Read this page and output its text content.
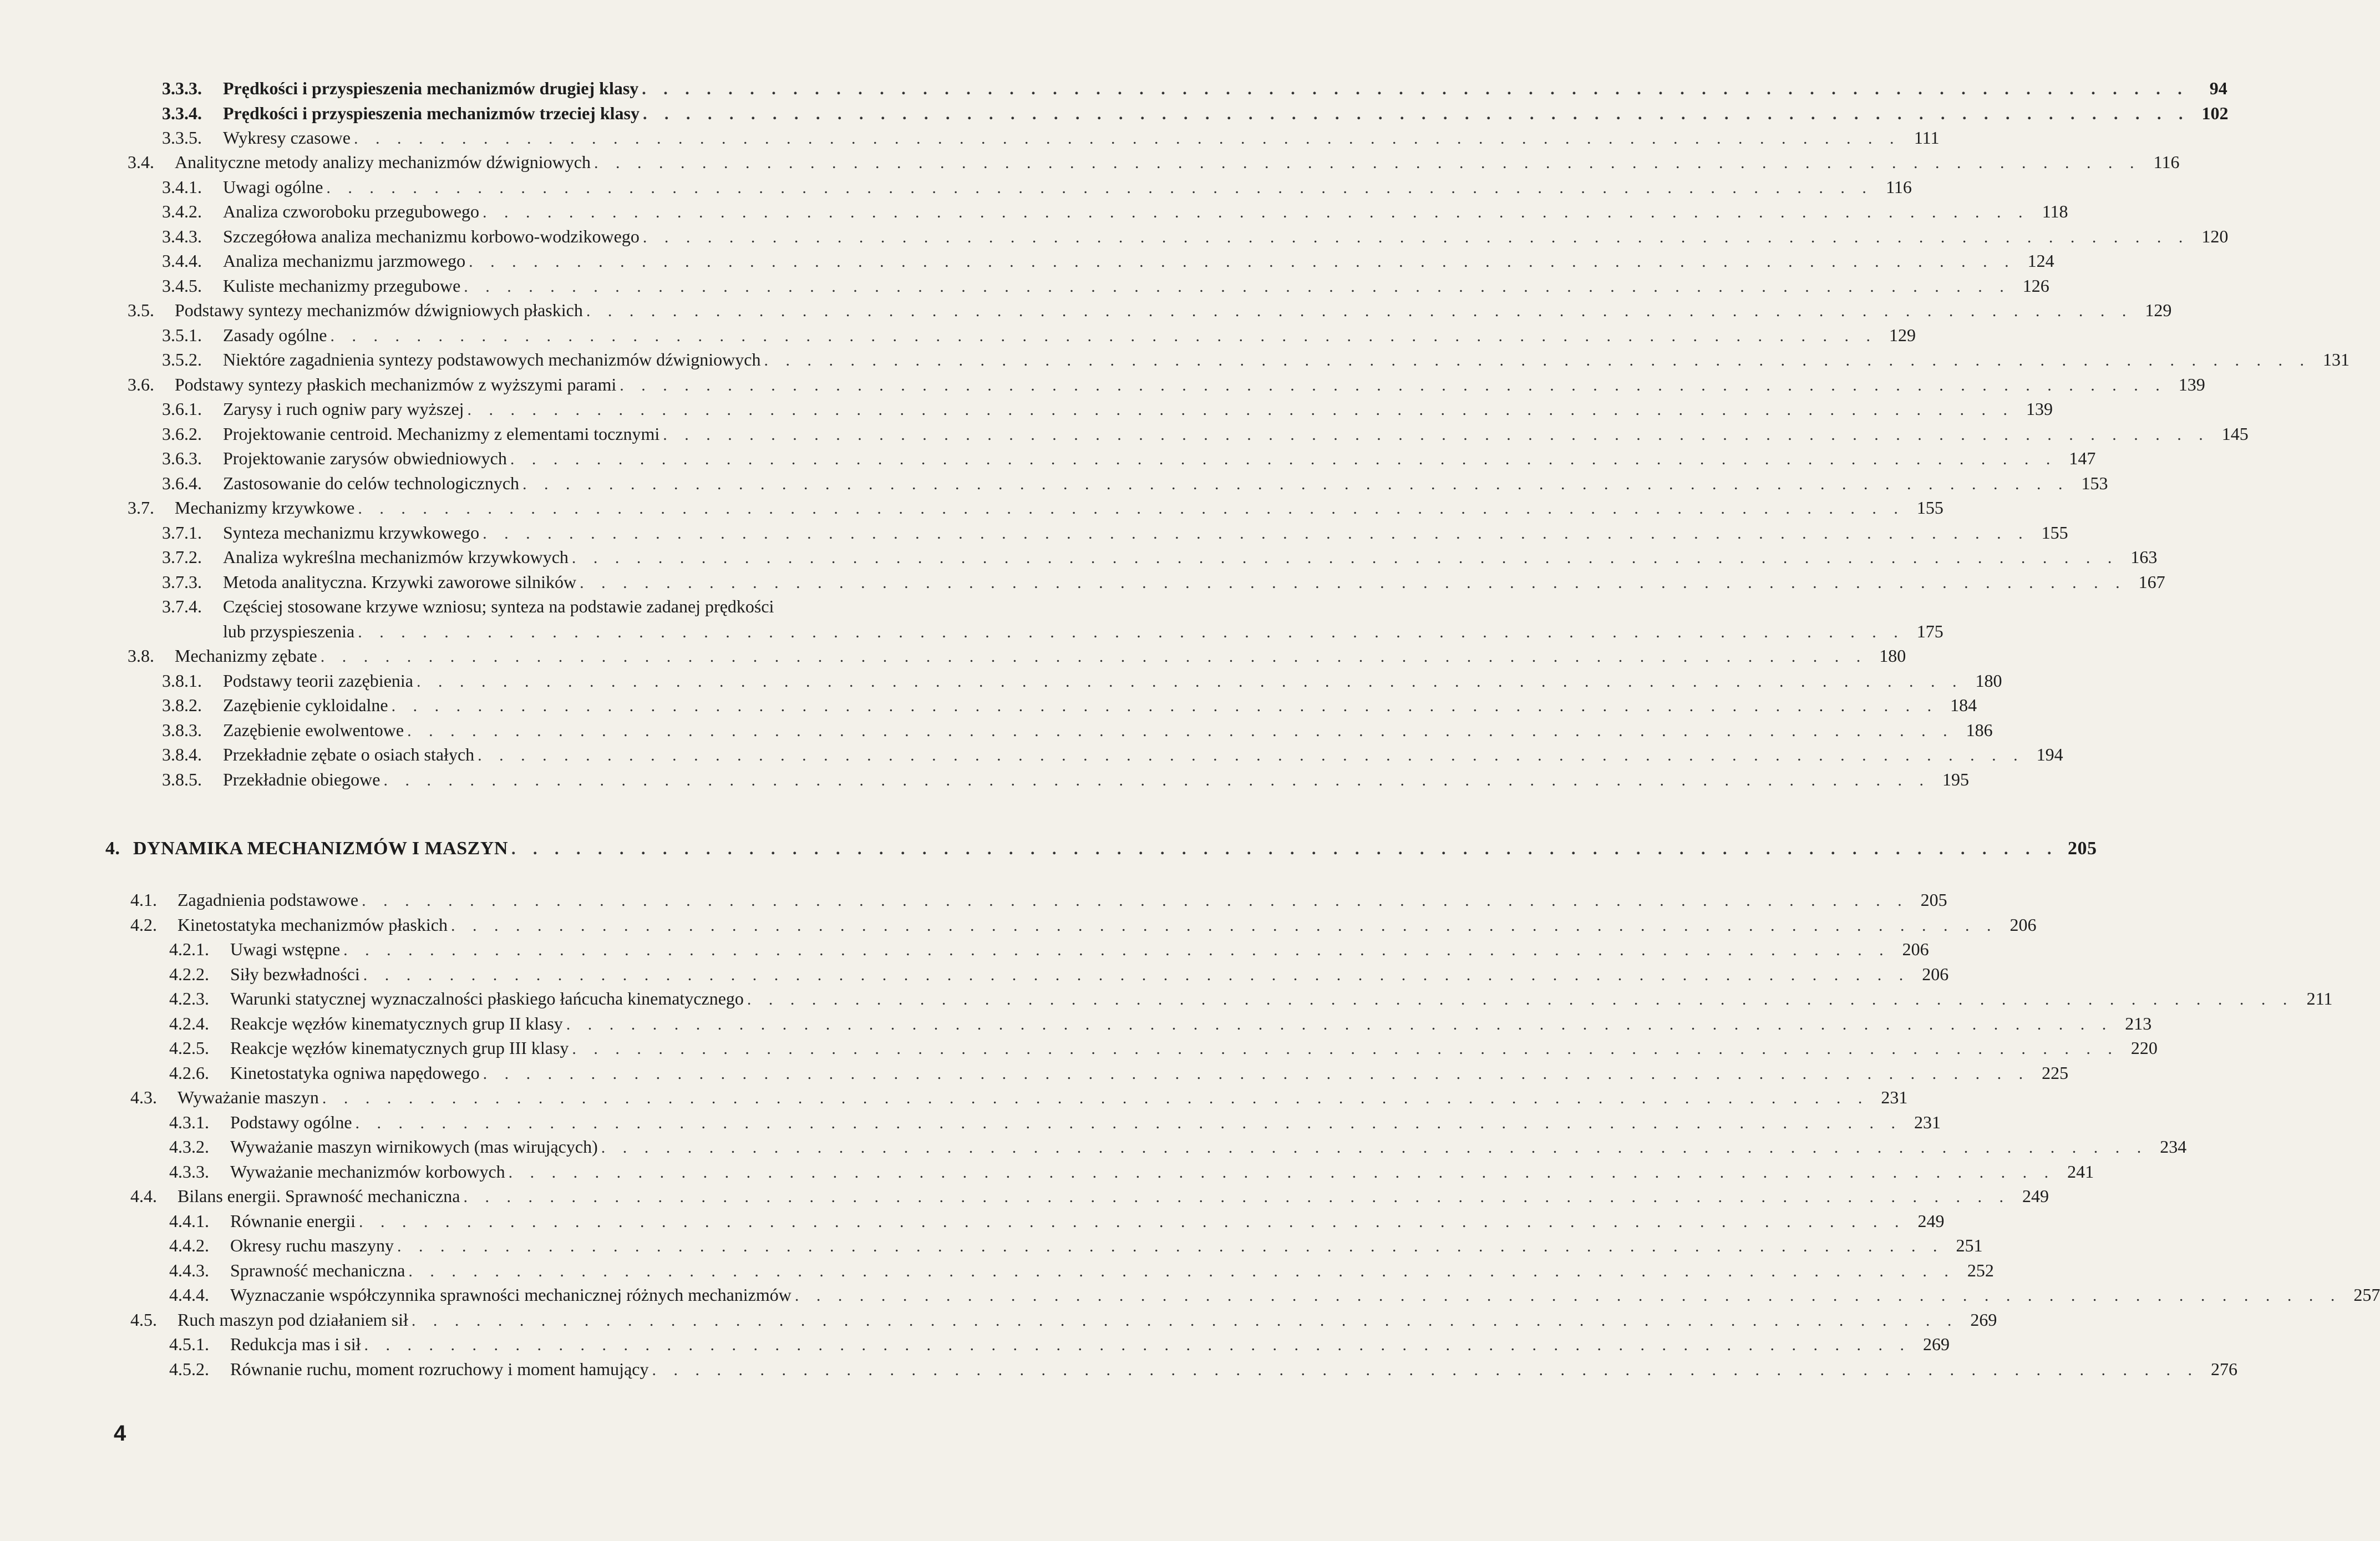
3.3.3.	Prędkości i przyspieszenia mechanizmów drugiej klasy . . .	94
3.3.4.	Prędkości i przyspieszenia mechanizmów trzeciej klasy . . .	102
3.3.5.	Wykresy czasowe . . .	111
3.4.	Analityczne metody analizy mechanizmów dźwigniowych . . .	116
3.4.1.	Uwagi ogólne . . .	116
3.4.2.	Analiza czworoboku przegubowego . . .	118
3.4.3.	Szczegółowa analiza mechanizmu korbowo-wodzikowego . . .	120
3.4.4.	Analiza mechanizmu jarzmowego . . .	124
3.4.5.	Kuliste mechanizmy przegubowe . . .	126
3.5.	Podstawy syntezy mechanizmów dźwigniowych płaskich . . .	129
3.5.1.	Zasady ogólne . . .	129
3.5.2.	Niektóre zagadnienia syntezy podstawowych mechanizmów dźwigniowych . . .	131
3.6.	Podstawy syntezy płaskich mechanizmów z wyższymi parami . . .	139
3.6.1.	Zarysy i ruch ogniw pary wyższej . . .	139
3.6.2.	Projektowanie centroid. Mechanizmy z elementami tocznymi . . .	145
3.6.3.	Projektowanie zarysów obwiedniowych . . .	147
3.6.4.	Zastosowanie do celów technologicznych . . .	153
3.7.	Mechanizmy krzywkowe . . .	155
3.7.1.	Synteza mechanizmu krzywkowego . . .	155
3.7.2.	Analiza wykreślna mechanizmów krzywkowych . . .	163
3.7.3.	Metoda analityczna. Krzywki zaworowe silników . . .	167
3.7.4.	Częściej stosowane krzywe wzniosu; synteza na podstawie zadanej prędkości
lub przyspieszenia . . .	175
3.8.	Mechanizmy zębate . . .	180
3.8.1.	Podstawy teorii zazębienia . . .	180
3.8.2.	Zazębienie cykloidalne . . .	184
3.8.3.	Zazębienie ewolwentowe . . .	186
3.8.4.	Przekładnie zębate o osiach stałych . . .	194
3.8.5.	Przekładnie obiegowe . . .	195
4. DYNAMIKA MECHANIZMÓW I MASZYN . . .	205
4.1.	Zagadnienia podstawowe . . .	205
4.2.	Kinetostatyka mechanizmów płaskich . . .	206
4.2.1.	Uwagi wstępne . . .	206
4.2.2.	Siły bezwładności . . .	206
4.2.3.	Warunki statycznej wyznaczalności płaskiego łańcucha kinematycznego . . .	211
4.2.4.	Reakcje węzłów kinematycznych grup II klasy . . .	213
4.2.5.	Reakcje węzłów kinematycznych grup III klasy . . .	220
4.2.6.	Kinetostatyka ogniwa napędowego . . .	225
4.3.	Wyważanie maszyn . . .	231
4.3.1.	Podstawy ogólne . . .	231
4.3.2.	Wyważanie maszyn wirnikowych (mas wirujących) . . .	234
4.3.3.	Wyważanie mechanizmów korbowych . . .	241
4.4.	Bilans energii. Sprawność mechaniczna . . .	249
4.4.1.	Równanie energii . . .	249
4.4.2.	Okresy ruchu maszyny . . .	251
4.4.3.	Sprawność mechaniczna . . .	252
4.4.4.	Wyznaczanie współczynnika sprawności mechanicznej różnych mechanizmów . . .	257
4.5.	Ruch maszyn pod działaniem sił . . .	269
4.5.1.	Redukcja mas i sił . . .	269
4.5.2.	Równanie ruchu, moment rozruchowy i moment hamujący . . .	276
4
